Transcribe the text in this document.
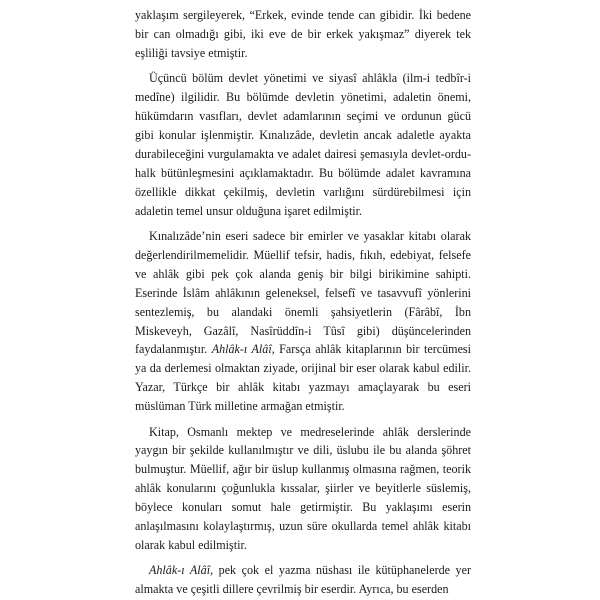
yaklaşım sergileyerek, “Erkek, evinde tende can gibidir. İki bedene bir can olmadığı gibi, iki eve de bir erkek yakışmaz” diyerek tek eşliliği tavsiye etmiştir.

Üçüncü bölüm devlet yönetimi ve siyasî ahlâkla (ilm-i tedbîr-i medîne) ilgilidir. Bu bölümde devletin yönetimi, adaletin önemi, hükümdarın vasıfları, devlet adamlarının seçimi ve ordunun gücü gibi konular işlenmiştir. Kınalızâde, devletin ancak adaletle ayakta durabileceğini vurgulamakta ve adalet dairesi şemasıyla devlet-ordu-halk bütünleşmesini açıklamaktadır. Bu bölümde adalet kavramına özellikle dikkat çekilmiş, devletin varlığını sürdürebilmesi için adaletin temel unsur olduğuna işaret edilmiştir.

Kınalızâde’nin eseri sadece bir emirler ve yasaklar kitabı olarak değerlendirilmemelidir. Müellif tefsir, hadis, fıkıh, edebiyat, felsefe ve ahlâk gibi pek çok alanda geniş bir bilgi birikimine sahipti. Eserinde İslâm ahlâkının geleneksel, felsefî ve tasavvufî yönlerini sentezlemiş, bu alandaki önemli şahsiyetlerin (Fârâbî, İbn Miskeveyh, Gazâlî, Nasîrüddîn-i Tûsî gibi) düşüncelerinden faydalanmıştır. Ahlâk-ı Alâî, Farsça ahlâk kitaplarının bir tercümesi ya da derlemesi olmaktan ziyade, orijinal bir eser olarak kabul edilir. Yazar, Türkçe bir ahlâk kitabı yazmayı amaçlayarak bu eseri müslüman Türk milletine armağan etmiştir.

Kitap, Osmanlı mektep ve medreselerinde ahlâk derslerinde yaygın bir şekilde kullanılmıştır ve dili, üslubu ile bu alanda şöhret bulmuştur. Müellif, ağır bir üslup kullanmış olmasına rağmen, teorik ahlâk konularını çoğunlukla kıssalar, şiirler ve beyitlerle süslemiş, böylece konuları somut hale getirmiştir. Bu yaklaşımı eserin anlaşılmasını kolaylaştırmış, uzun süre okullarda temel ahlâk kitabı olarak kabul edilmiştir.

Ahlâk-ı Alâî, pek çok el yazma nüshası ile kütüphanelerde yer almakta ve çeşitli dillere çevrilmiş bir eserdir. Ayrıca, bu eserden
